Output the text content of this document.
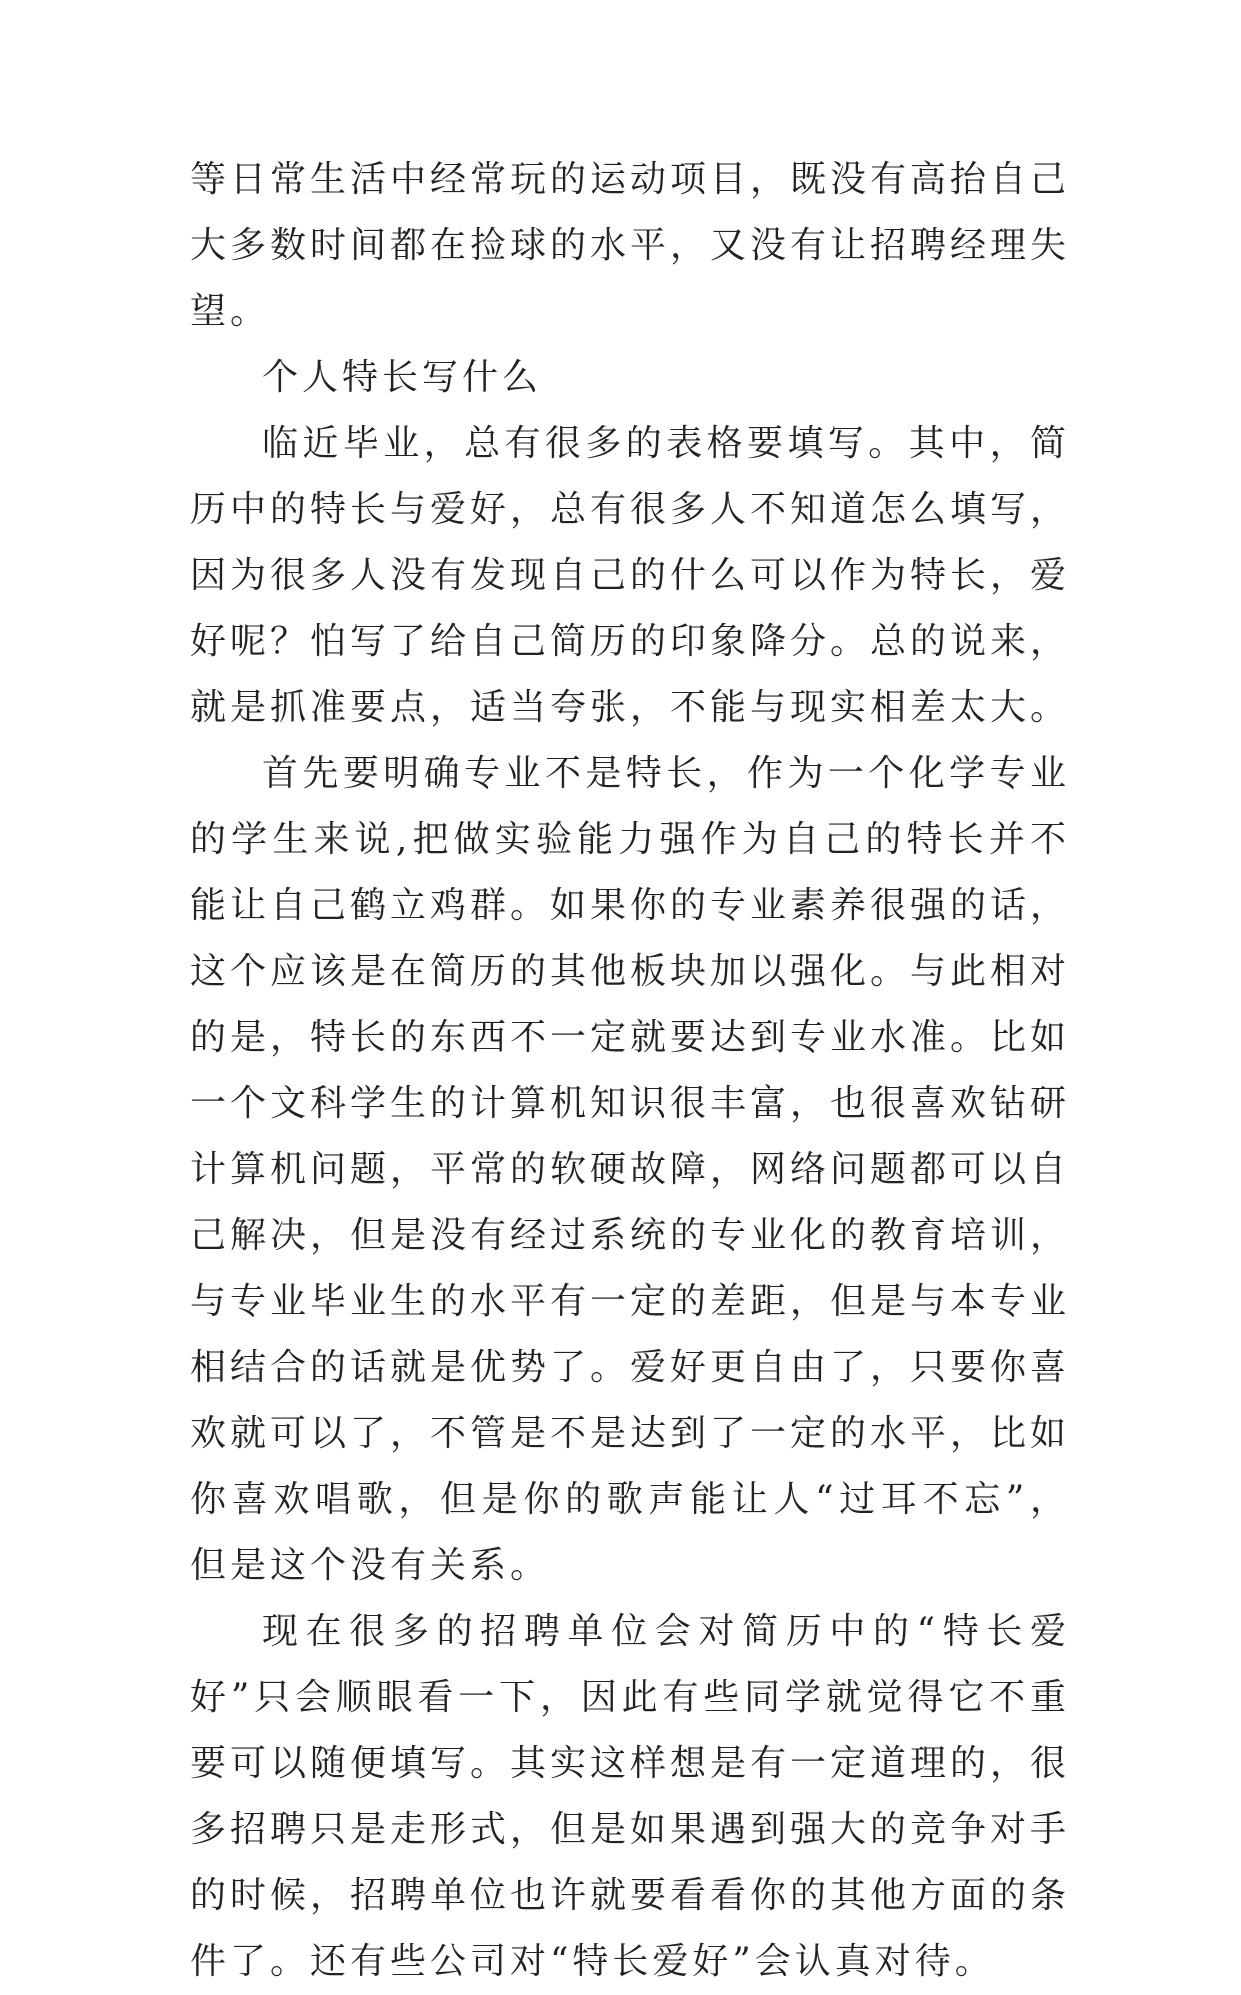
等日常生活中经常玩的运动项目，既没有高抬自己大多数时间都在捡球的水平，又没有让招聘经理失望。

个人特长写什么

临近毕业，总有很多的表格要填写。其中，简历中的特长与爱好，总有很多人不知道怎么填写，因为很多人没有发现自己的什么可以作为特长，爱好呢？怕写了给自己简历的印象降分。总的说来，就是抓准要点，适当夸张，不能与现实相差太大。

首先要明确专业不是特长，作为一个化学专业的学生来说,把做实验能力强作为自己的特长并不能让自己鹤立鸡群。如果你的专业素养很强的话，这个应该是在简历的其他板块加以强化。与此相对的是，特长的东西不一定就要达到专业水准。比如一个文科学生的计算机知识很丰富，也很喜欢钻研计算机问题，平常的软硬故障，网络问题都可以自己解决，但是没有经过系统的专业化的教育培训，与专业毕业生的水平有一定的差距，但是与本专业相结合的话就是优势了。爱好更自由了，只要你喜欢就可以了，不管是不是达到了一定的水平，比如你喜欢唱歌，但是你的歌声能让人“过耳不忘”，但是这个没有关系。

现在很多的招聘单位会对简历中的“特长爱好”只会顺眼看一下，因此有些同学就觉得它不重要可以随便填写。其实这样想是有一定道理的，很多招聘只是走形式，但是如果遇到强大的竞争对手的时候，招聘单位也许就要看看你的其他方面的条件了。还有些公司对“特长爱好”会认真对待。
